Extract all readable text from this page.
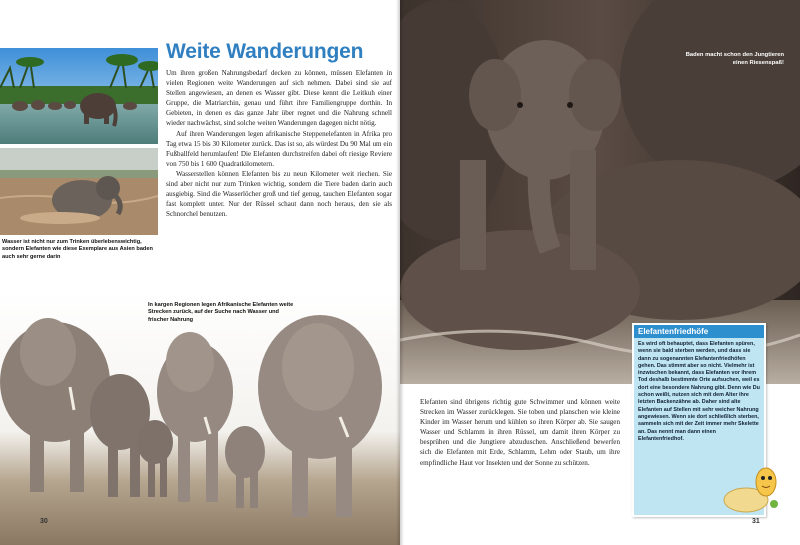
Wasser ist nicht nur zum Trinken überlebenswichtig, sondern Elefanten wie diese Exemplare aus Asien baden auch sehr gerne darin
Weite Wanderungen

Um ihren großen Nahrungsbedarf decken zu können, müssen Elefanten in vielen Regionen weite Wanderungen auf sich nehmen. Dabei sind sie auf Stellen angewiesen, an denen es Wasser gibt. Diese kennt die Leitkuh einer Gruppe, die Matriarchin, genau und führt ihre Familiengruppe dorthin. In Gebieten, in denen es das ganze Jahr über regnet und die Nahrung schnell wieder nachwächst, sind solche weiten Wanderungen dagegen nicht nötig.

Auf ihren Wanderungen legen afrikanische Steppenelefanten in Afrika pro Tag etwa 15 bis 30 Kilometer zurück. Das ist so, als würdest Du 90 Mal um ein Fußballfeld herumlaufen! Die Elefanten durchstreifen dabei oft riesige Reviere von 750 bis 1 600 Quadratkilometern.

Wasserstellen können Elefanten bis zu neun Kilometer weit riechen. Sie sind aber nicht nur zum Trinken wichtig, sondern die Tiere baden darin auch ausgiebig. Sind die Wasserlöcher groß und tief genug, tauchen Elefanten sogar fast komplett unter. Nur der Rüssel schaut dann noch heraus, den sie als Schnorchel benutzen.

In kargen Regionen legen Afrikanische Elefanten weite Strecken zurück, auf der Suche nach Wasser und frischer Nahrung
30
Baden macht schon den Jungtieren einen Riesenspaß!

Elefanten sind übrigens richtig gute Schwimmer und können weite Strecken im Wasser zurücklegen. Sie toben und planschen wie kleine Kinder im Wasser herum und kühlen so ihren Körper ab. Sie saugen Wasser und Schlamm in ihren Rüssel, um damit ihren Körper zu besprühen und die Jungtiere abzuduschen. Anschließend bewerfen sich die Elefanten mit Erde, Schlamm, Lehm oder Staub, um ihre empfindliche Haut vor Insekten und der Sonne zu schützen.

Elefantenfriedhöfe

Es wird oft behauptet, dass Elefanten spüren, wenn sie bald sterben werden, und dass sie dann zu sogenannten Elefantenfriedhöfen gehen. Das stimmt aber so nicht. Vielmehr ist inzwischen bekannt, dass Elefanten vor ihrem Tod deshalb bestimmte Orte aufsuchen, weil es dort eine besondere Nahrung gibt. Denn wie Du schon weißt, nutzen sich mit dem Alter ihre letzten Backenzähne ab. Daher sind alte Elefanten auf Stellen mit sehr weicher Nahrung angewiesen. Wenn sie dort schließlich sterben, sammeln sich mit der Zeit immer mehr Skelette an. Das nennt man dann einen Elefantenfriedhof.

31
